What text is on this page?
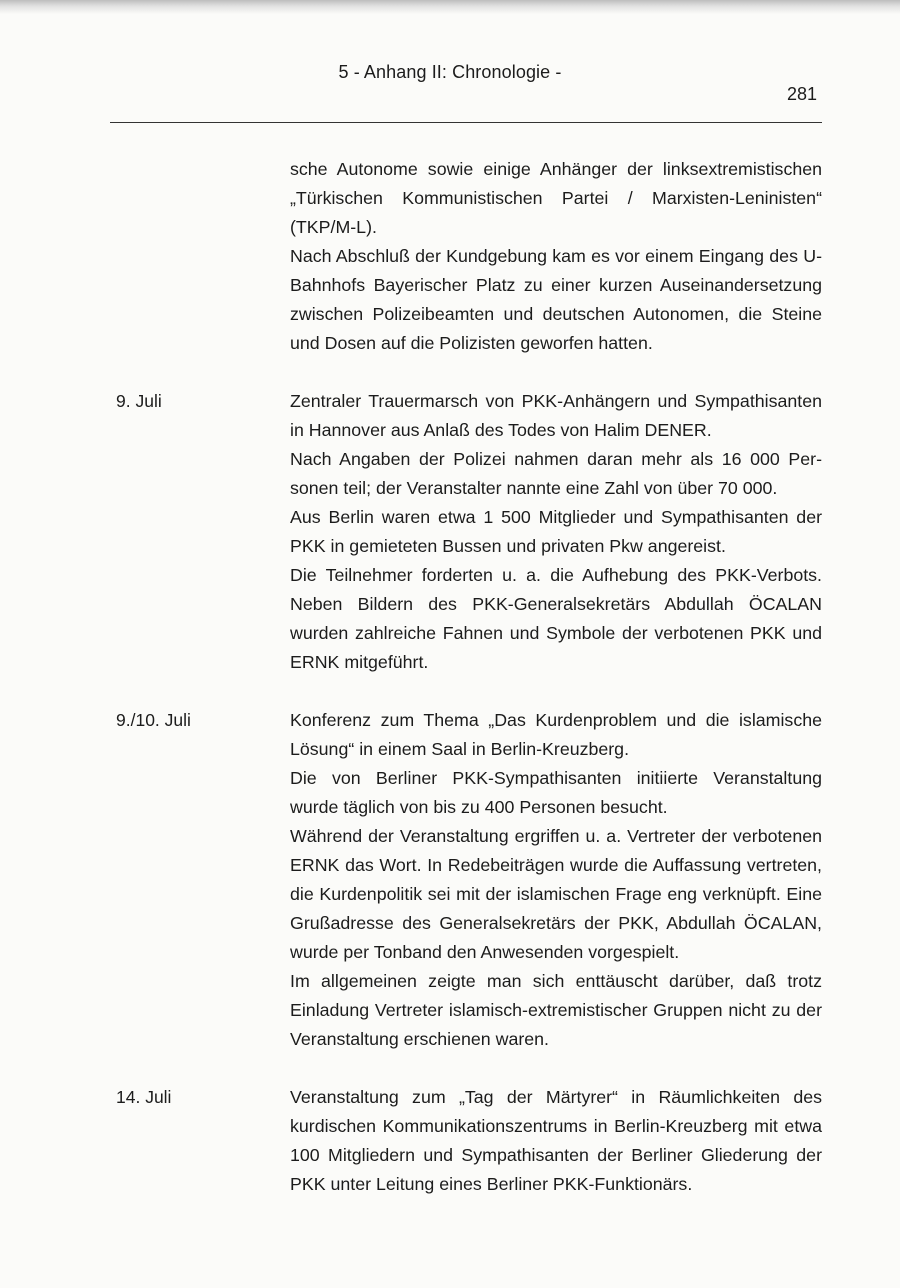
5 - Anhang II: Chronologie -
281

sche Autonome sowie einige Anhänger der linksextremistischen „Türkischen Kommunistischen Partei / Marxisten-Leninisten“ (TKP/M-L).

Nach Abschluß der Kundgebung kam es vor einem Eingang des U-Bahnhofs Bayerischer Platz zu einer kurzen Auseinandersetzung zwischen Polizeibeamten und deutschen Autonomen, die Steine und Dosen auf die Polizisten geworfen hatten.

9. Juli	Zentraler Trauermarsch von PKK-Anhängern und Sympathisanten in Hannover aus Anlaß des Todes von Halim DENER.

Nach Angaben der Polizei nahmen daran mehr als 16 000 Personen teil; der Veranstalter nannte eine Zahl von über 70 000.

Aus Berlin waren etwa 1 500 Mitglieder und Sympathisanten der PKK in gemieteten Bussen und privaten Pkw angereist.

Die Teilnehmer forderten u. a. die Aufhebung des PKK-Verbots. Neben Bildern des PKK-Generalsekretärs Abdullah ÖCALAN wurden zahlreiche Fahnen und Symbole der verbotenen PKK und ERNK mitgeführt.

9./10. Juli	Konferenz zum Thema „Das Kurdenproblem und die islamische Lösung“ in einem Saal in Berlin-Kreuzberg.

Die von Berliner PKK-Sympathisanten initiierte Veranstaltung wurde täglich von bis zu 400 Personen besucht.

Während der Veranstaltung ergriffen u. a. Vertreter der verbotenen ERNK das Wort. In Redebeiträgen wurde die Auffassung vertreten, die Kurdenpolitik sei mit der islamischen Frage eng verknüpft. Eine Grußadresse des Generalsekretärs der PKK, Abdullah ÖCALAN, wurde per Tonband den Anwesenden vorgespielt.

Im allgemeinen zeigte man sich enttäuscht darüber, daß trotz Einladung Vertreter islamisch-extremistischer Gruppen nicht zu der Veranstaltung erschienen waren.

14. Juli	Veranstaltung zum „Tag der Märtyrer“ in Räumlichkeiten des kurdischen Kommunikationszentrums in Berlin-Kreuzberg mit etwa 100 Mitgliedern und Sympathisanten der Berliner Gliederung der PKK unter Leitung eines Berliner PKK-Funktionärs.
